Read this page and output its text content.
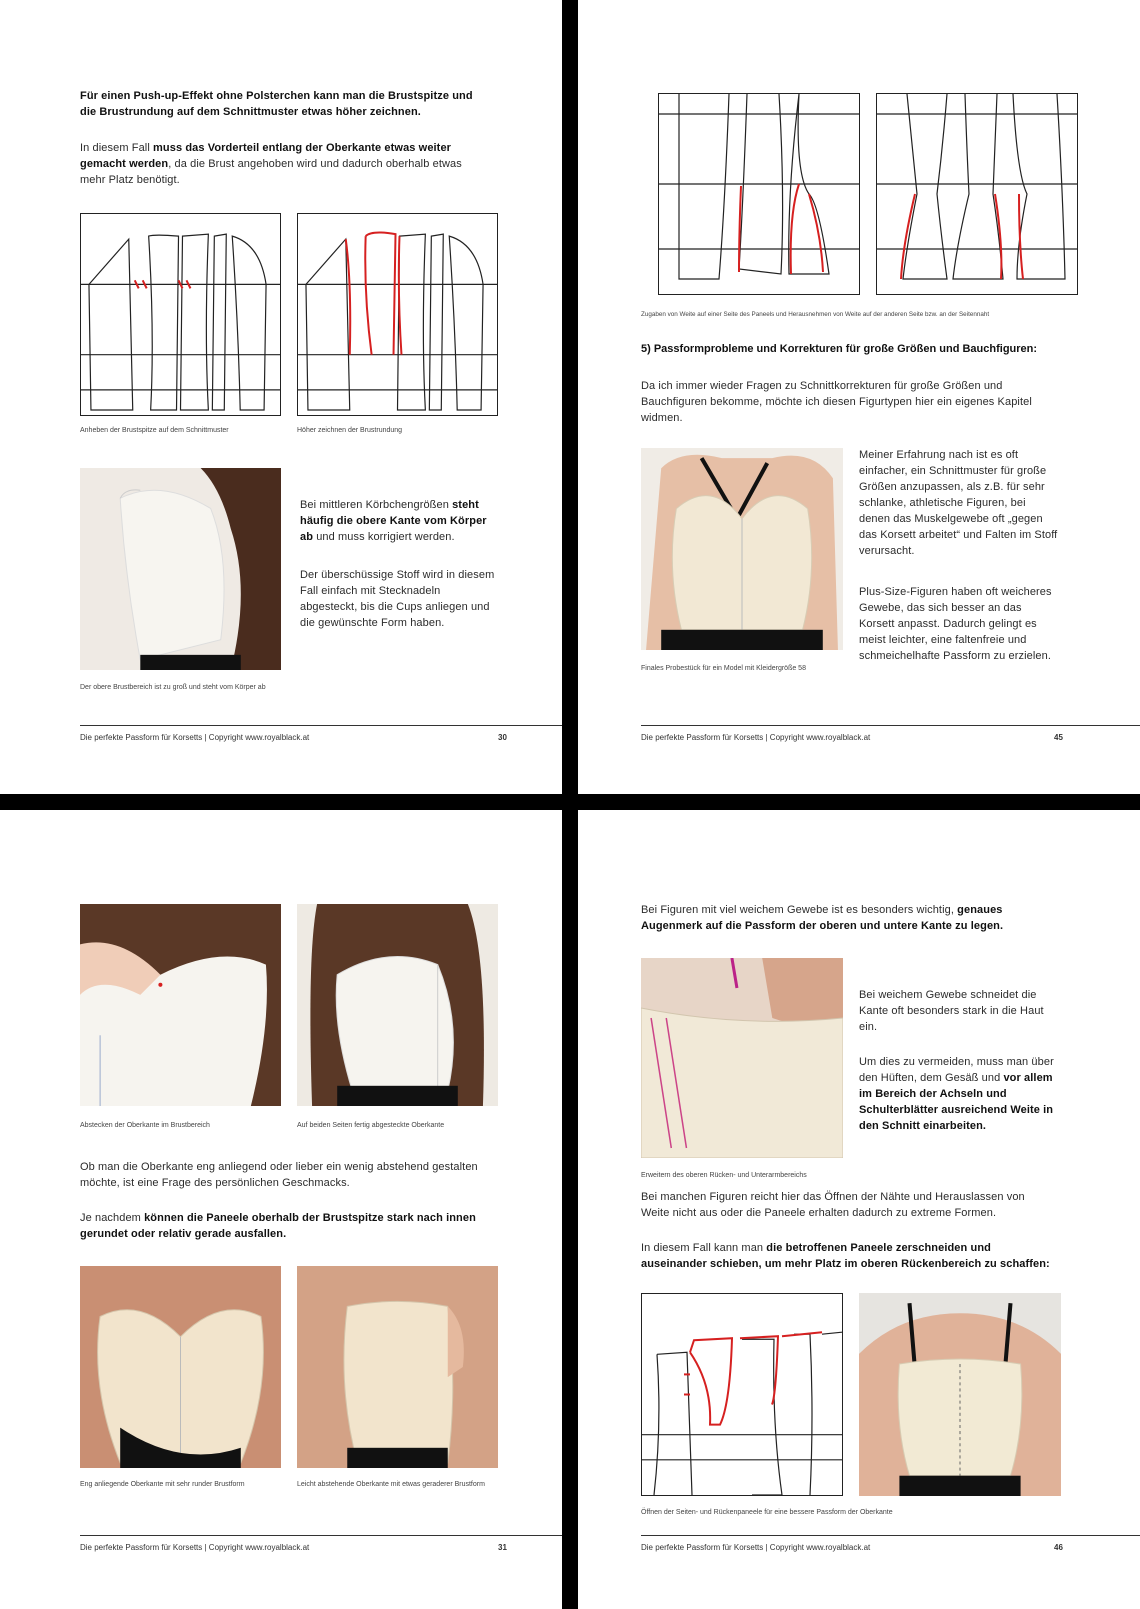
Für einen Push-up-Effekt ohne Polsterchen kann man die Brustspitze und die Brustrundung auf dem Schnittmuster etwas höher zeichnen.
In diesem Fall muss das Vorderteil entlang der Oberkante etwas weiter gemacht werden, da die Brust angehoben wird und dadurch oberhalb etwas mehr Platz benötigt.
Anheben der Brustspitze auf dem Schnittmuster	Höher zeichnen der Brustrundung
Bei mittleren Körbchengrößen steht häufig die obere Kante vom Körper ab und muss korrigiert werden.
Der überschüssige Stoff wird in diesem Fall einfach mit Stecknadeln abgesteckt, bis die Cups anliegen und die gewünschte Form haben.
Der obere Brustbereich ist zu groß und steht vom Körper ab
Die perfekte Passform für Korsetts | Copyright www.royalblack.at	30
Zugaben von Weite auf einer Seite des Paneels und Herausnehmen von Weite auf der anderen Seite bzw. an der Seitennaht
5) Passformprobleme und Korrekturen für große Größen und Bauchfiguren:
Da ich immer wieder Fragen zu Schnittkorrekturen für große Größen und Bauchfiguren bekomme, möchte ich diesen Figurtypen hier ein eigenes Kapitel widmen.
Meiner Erfahrung nach ist es oft einfacher, ein Schnittmuster für große Größen anzupassen, als z.B. für sehr schlanke, athletische Figuren, bei denen das Muskelgewebe oft „gegen das Korsett arbeitet“ und Falten im Stoff verursacht.
Plus-Size-Figuren haben oft weicheres Gewebe, das sich besser an das Korsett anpasst. Dadurch gelingt es meist leichter, eine faltenfreie und schmeichelhafte Passform zu erzielen.
Finales Probestück für ein Model mit Kleidergröße 58
Die perfekte Passform für Korsetts | Copyright www.royalblack.at	45
Abstecken der Oberkante im Brustbereich	Auf beiden Seiten fertig abgesteckte Oberkante
Ob man die Oberkante eng anliegend oder lieber ein wenig abstehend gestalten möchte, ist eine Frage des persönlichen Geschmacks.
Je nachdem können die Paneele oberhalb der Brustspitze stark nach innen gerundet oder relativ gerade ausfallen.
Eng anliegende Oberkante mit sehr runder Brustform	Leicht abstehende Oberkante mit etwas geraderer Brustform
Die perfekte Passform für Korsetts | Copyright www.royalblack.at	31
Bei Figuren mit viel weichem Gewebe ist es besonders wichtig, genaues Augenmerk auf die Passform der oberen und untere Kante zu legen.
Bei weichem Gewebe schneidet die Kante oft besonders stark in die Haut ein.
Um dies zu vermeiden, muss man über den Hüften, dem Gesäß und vor allem im Bereich der Achseln und Schulterblätter ausreichend Weite in den Schnitt einarbeiten.
Erweitern des oberen Rücken- und Unterarmbereichs
Bei manchen Figuren reicht hier das Öffnen der Nähte und Herauslassen von Weite nicht aus oder die Paneele erhalten dadurch zu extreme Formen.
In diesem Fall kann man die betroffenen Paneele zerschneiden und auseinander schieben, um mehr Platz im oberen Rückenbereich zu schaffen:
Öffnen der Seiten- und Rückenpaneele für eine bessere Passform der Oberkante
Die perfekte Passform für Korsetts | Copyright www.royalblack.at	46
